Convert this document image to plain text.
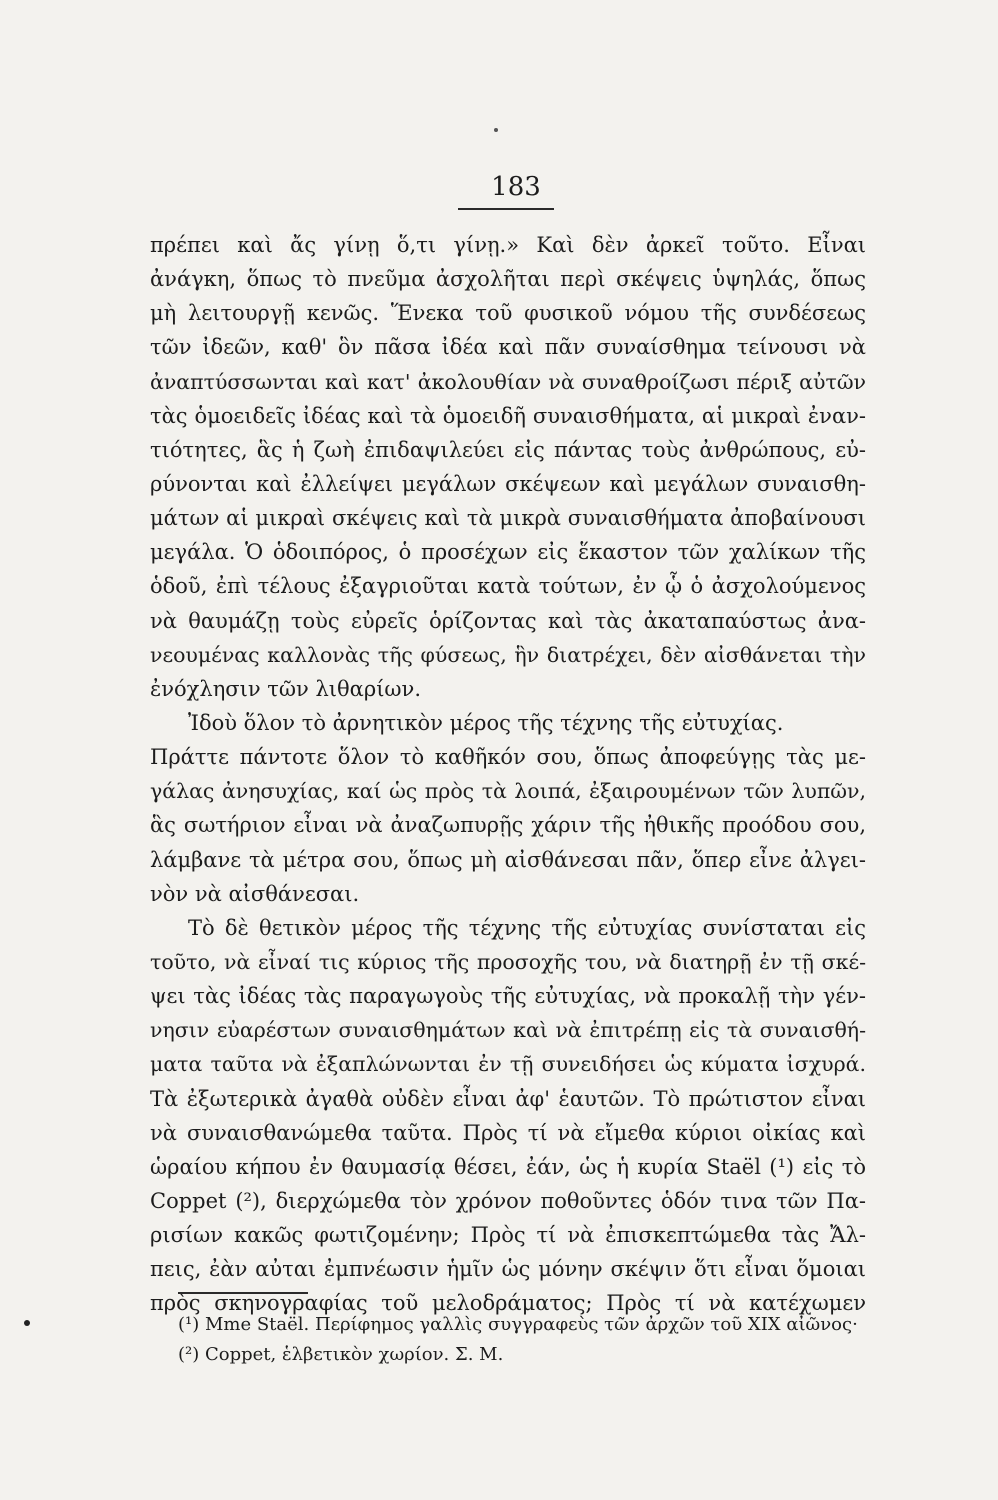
183
πρέπει καὶ ἄς γίνῃ ὅ,τι γίνῃ.» Καὶ δὲν ἀρκεῖ τοῦτο. Εἶναι
ἀνάγκη, ὅπως τὸ πνεῦμα ἀσχολῆται περὶ σκέψεις ὑψηλάς, ὅπως
μὴ λειτουργῇ κενῶς. Ἕνεκα τοῦ φυσικοῦ νόμου τῆς συνδέσεως
τῶν ἰδεῶν, καθ' ὃν πᾶσα ἰδέα καὶ πᾶν συναίσθημα τείνουσι νὰ
ἀναπτύσσωνται καὶ κατ' ἀκολουθίαν νὰ συναθροίζωσι πέριξ αὐτῶν
τὰς ὁμοειδεῖς ἰδέας καὶ τὰ ὁμοειδῆ συναισθήματα, αἱ μικραὶ ἐναν-
τιότητες, ἃς ἡ ζωὴ ἐπιδαψιλεύει εἰς πάντας τοὺς ἀνθρώπους, εὐ-
ρύνονται καὶ ἐλλείψει μεγάλων σκέψεων καὶ μεγάλων συναισθη-
μάτων αἱ μικραὶ σκέψεις καὶ τὰ μικρὰ συναισθήματα ἀποβαίνουσι
μεγάλα. Ὁ ὁδοιπόρος, ὁ προσέχων εἰς ἕκαστον τῶν χαλίκων τῆς
ὁδοῦ, ἐπὶ τέλους ἐξαγριοῦται κατὰ τούτων, ἐν ᾧ ὁ ἀσχολούμενος
νὰ θαυμάζῃ τοὺς εὐρεῖς ὁρίζοντας καὶ τὰς ἀκαταπαύστως ἀνα-
νεουμένας καλλονὰς τῆς φύσεως, ἣν διατρέχει, δὲν αἰσθάνεται τὴν
ἐνόχλησιν τῶν λιθαρίων.
Ἰδοὺ ὅλον τὸ ἀρνητικὸν μέρος τῆς τέχνης τῆς εὐτυχίας.
Πράττε πάντοτε ὅλον τὸ καθῆκόν σου, ὅπως ἀποφεύγῃς τὰς με-
γάλας ἀνησυχίας, καί ὡς πρὸς τὰ λοιπά, ἐξαιρουμένων τῶν λυπῶν,
ἃς σωτήριον εἶναι νὰ ἀναζωπυρῇς χάριν τῆς ἠθικῆς προόδου σου,
λάμβανε τὰ μέτρα σου, ὅπως μὴ αἰσθάνεσαι πᾶν, ὅπερ εἶνε ἀλγει-
νὸν νὰ αἰσθάνεσαι.
Τὸ δὲ θετικὸν μέρος τῆς τέχνης τῆς εὐτυχίας συνίσταται εἰς
τοῦτο, νὰ εἶναί τις κύριος τῆς προσοχῆς του, νὰ διατηρῇ ἐν τῇ σκέ-
ψει τὰς ἰδέας τὰς παραγωγοὺς τῆς εὐτυχίας, νὰ προκαλῇ τὴν γέν-
νησιν εὐαρέστων συναισθημάτων καὶ νὰ ἐπιτρέπῃ εἰς τὰ συναισθή-
ματα ταῦτα νὰ ἐξαπλώνωνται ἐν τῇ συνειδήσει ὡς κύματα ἰσχυρά.
Τὰ ἐξωτερικὰ ἀγαθὰ οὐδὲν εἶναι ἀφ' ἑαυτῶν. Τὸ πρώτιστον εἶναι
νὰ συναισθανώμεθα ταῦτα. Πρὸς τί νὰ εἴμεθα κύριοι οἰκίας καὶ
ὡραίου κήπου ἐν θαυμασίᾳ θέσει, ἐάν, ὡς ἡ κυρία Staël (¹) εἰς τὸ
Coppet (²), διερχώμεθα τὸν χρόνον ποθοῦντες ὁδόν τινα τῶν Πα-
ρισίων κακῶς φωτιζομένην; Πρὸς τί νὰ ἐπισκεπτώμεθα τὰς Ἄλ-
πεις, ἐὰν αὐται ἐμπνέωσιν ἡμῖν ὡς μόνην σκέψιν ὅτι εἶναι ὅμοιαι
πρὸς σκηνογραφίας τοῦ μελοδράματος; Πρὸς τί νὰ κατέχωμεν
(¹) Mme Staël. Περίφημος γαλλὶς συγγραφεὺς τῶν ἀρχῶν τοῦ XIX αἰῶνος·
(²) Coppet, ἑλβετικὸν χωρίον. Σ. Μ.
